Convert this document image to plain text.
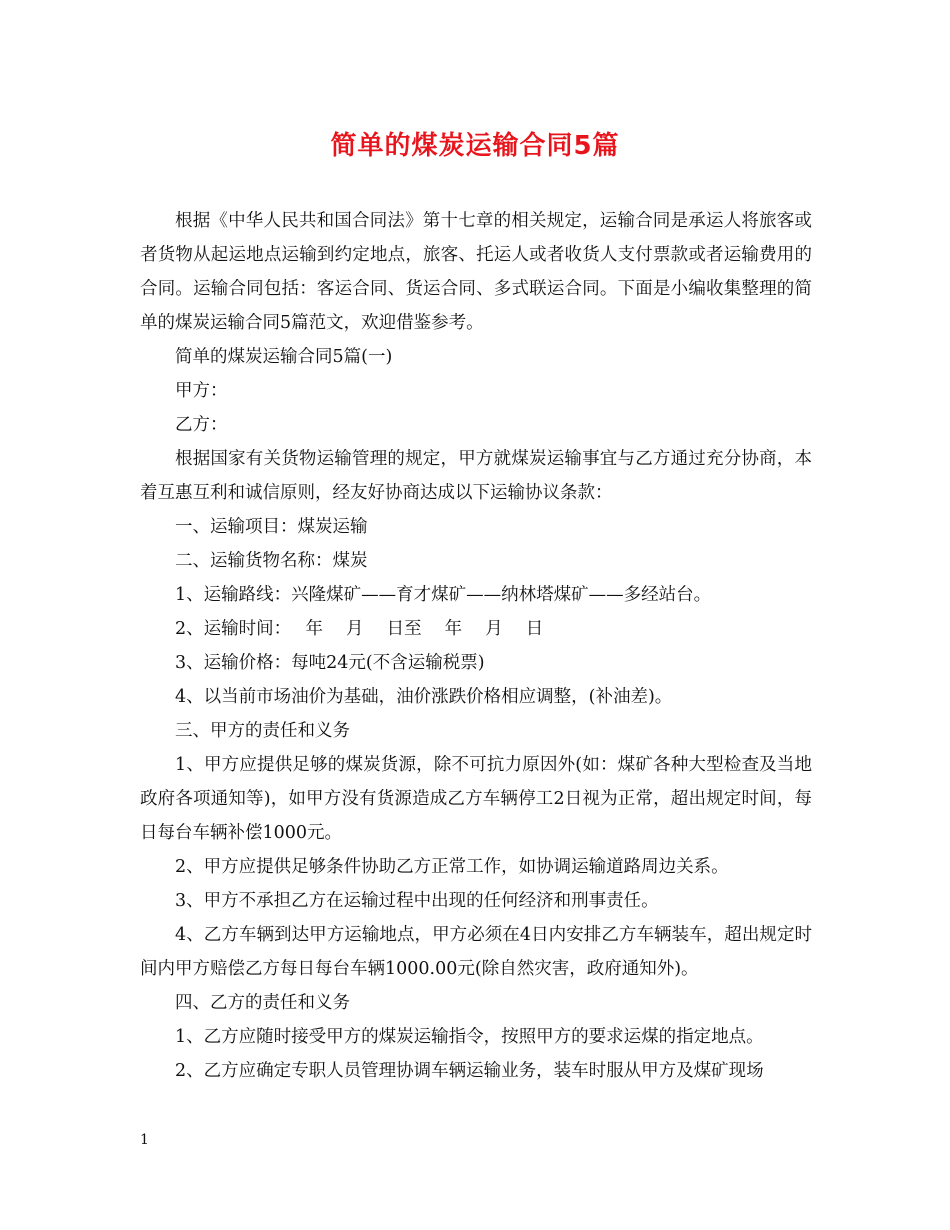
简单的煤炭运输合同5篇

根据《中华人民共和国合同法》第十七章的相关规定，运输合同是承运人将旅客或者货物从起运地点运输到约定地点，旅客、托运人或者收货人支付票款或者运输费用的合同。运输合同包括：客运合同、货运合同、多式联运合同。下面是小编收集整理的简单的煤炭运输合同5篇范文，欢迎借鉴参考。

简单的煤炭运输合同5篇(一)

甲方：

乙方：

根据国家有关货物运输管理的规定，甲方就煤炭运输事宜与乙方通过充分协商，本着互惠互利和诚信原则，经友好协商达成以下运输协议条款：

一、运输项目：煤炭运输

二、运输货物名称：煤炭

1、运输路线：兴隆煤矿——育才煤矿——纳林塔煤矿——多经站台。

2、运输时间：　 年　 月　 日至　 年　 月　 日

3、运输价格：每吨24元(不含运输税票)

4、以当前市场油价为基础，油价涨跌价格相应调整，(补油差)。

三、甲方的责任和义务

1、甲方应提供足够的煤炭货源，除不可抗力原因外(如：煤矿各种大型检查及当地政府各项通知等)，如甲方没有货源造成乙方车辆停工2日视为正常，超出规定时间，每日每台车辆补偿1000元。

2、甲方应提供足够条件协助乙方正常工作，如协调运输道路周边关系。

3、甲方不承担乙方在运输过程中出现的任何经济和刑事责任。

4、乙方车辆到达甲方运输地点，甲方必须在4日内安排乙方车辆装车，超出规定时间内甲方赔偿乙方每日每台车辆1000.00元(除自然灾害，政府通知外)。

四、乙方的责任和义务

1、乙方应随时接受甲方的煤炭运输指令，按照甲方的要求运煤的指定地点。

2、乙方应确定专职人员管理协调车辆运输业务，装车时服从甲方及煤矿现场

1
